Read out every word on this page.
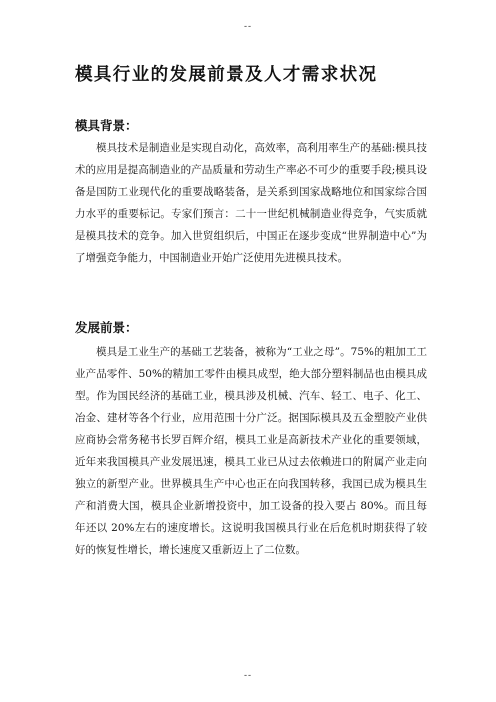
--
模具行业的发展前景及人才需求状况
模具背景：

模具技术是制造业是实现自动化，高效率，高利用率生产的基础:模具技术的应用是提高制造业的产品质量和劳动生产率必不可少的重要手段;模具设备是国防工业现代化的重要战略装备，是关系到国家战略地位和国家综合国力水平的重要标记。专家们预言：二十一世纪机械制造业得竞争，气实质就是模具技术的竞争。加入世贸组织后，中国正在逐步变成“世界制造中心”为了增强竞争能力，中国制造业开始广泛使用先进模具技术。

发展前景：

模具是工业生产的基础工艺装备，被称为“工业之母”。75%的粗加工工业产品零件、50%的精加工零件由模具成型，绝大部分塑料制品也由模具成型。作为国民经济的基础工业，模具涉及机械、汽车、轻工、电子、化工、冶金、建材等各个行业，应用范围十分广泛。据国际模具及五金塑胶产业供应商协会常务秘书长罗百辉介绍，模具工业是高新技术产业化的重要领域，近年来我国模具产业发展迅速，模具工业已从过去依赖进口的附属产业走向独立的新型产业。世界模具生产中心也正在向我国转移，我国已成为模具生产和消费大国，模具企业新增投资中，加工设备的投入要占 80%。而且每年还以 20%左右的速度增长。这说明我国模具行业在后危机时期获得了较好的恢复性增长，增长速度又重新迈上了二位数。

--
